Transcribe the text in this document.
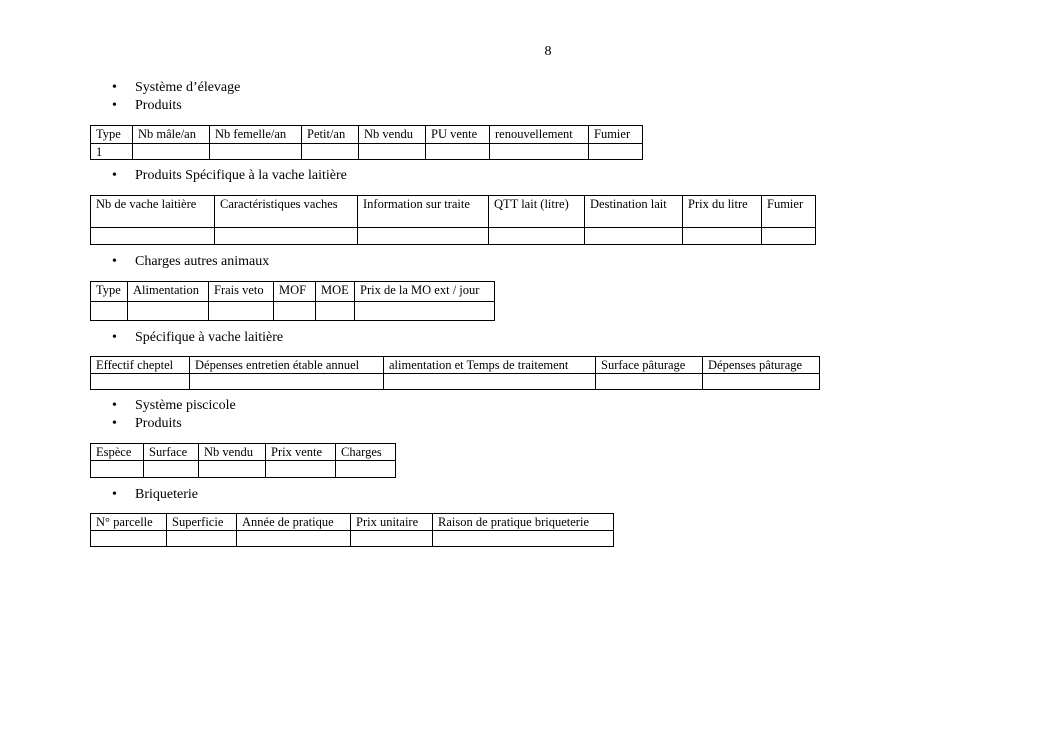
8
• Système d’élevage
• Produits
Type	Nb mâle/an	Nb femelle/an	Petit/an	Nb vendu	PU vente	renouvellement	Fumier
1							
• Produits Spécifique à la vache laitière
Nb de vache laitière	Caractéristiques vaches	Information sur traite	QTT lait (litre)	Destination lait	Prix du litre	Fumier

• Charges autres animaux
Type	Alimentation	Frais veto	MOF	MOE	Prix de la MO ext / jour

• Spécifique à vache laitière
Effectif cheptel	Dépenses entretien étable annuel	alimentation et Temps de traitement	Surface pâturage	Dépenses pâturage

• Système piscicole
• Produits
Espèce	Surface	Nb vendu	Prix vente	Charges

• Briqueterie
N° parcelle	Superficie	Année de pratique	Prix unitaire	Raison de pratique briqueterie
